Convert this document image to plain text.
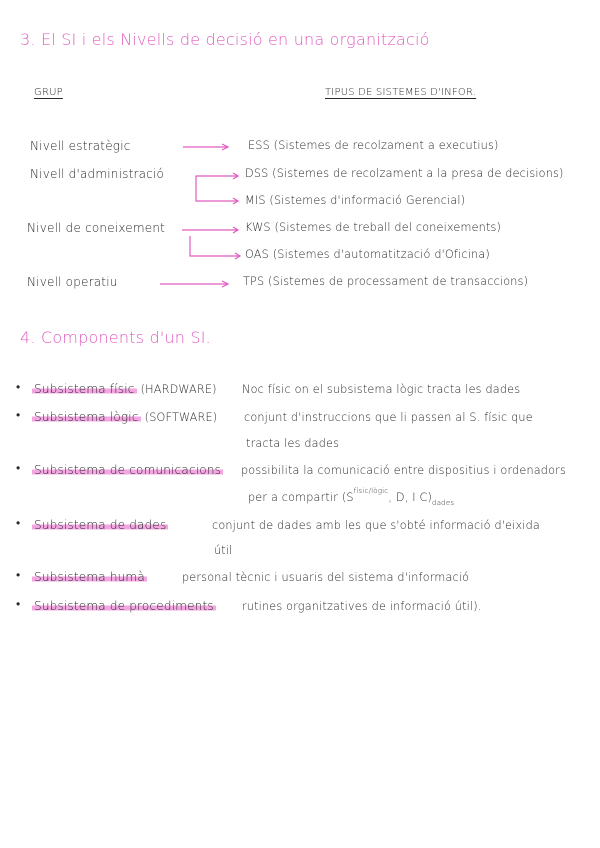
3. El SI i els Nivells de decisió en una organització
GRUP	TIPUS DE SISTEMES D'INFOR.
Nivell estratègic	ESS (Sistemes de recolzament a executius)
Nivell d'administració	DSS (Sistemes de recolzament a la presa de decisions)
MIS (Sistemes d'informació Gerencial)
Nivell de coneixement	KWS (Sistemes de treball del coneixements)
OAS (Sistemes d'automatització d'Oficina)
Nivell operatiu	TPS (Sistemes de processament de transaccions)
4. Components d'un SI.
• Subsistema físic (HARDWARE) Noc físic on el subsistema lògic tracta les dades
• Subsistema lògic (SOFTWARE) conjunt d'instruccions que li passen al S. físic que
tracta les dades
• Subsistema de comunicacions possibilita la comunicació entre dispositius i ordenadors
per a compartir ($S^{físic/lògic}$, D, I $C)_{dades}$
• Subsistema de dades	conjunt de dades amb les que s'obté informació d'eixida
útil
• Subsistema humà	personal tècnic i usuaris del sistema d'informació
• Subsistema de procediments	rutines organitzatives de informació útil).
